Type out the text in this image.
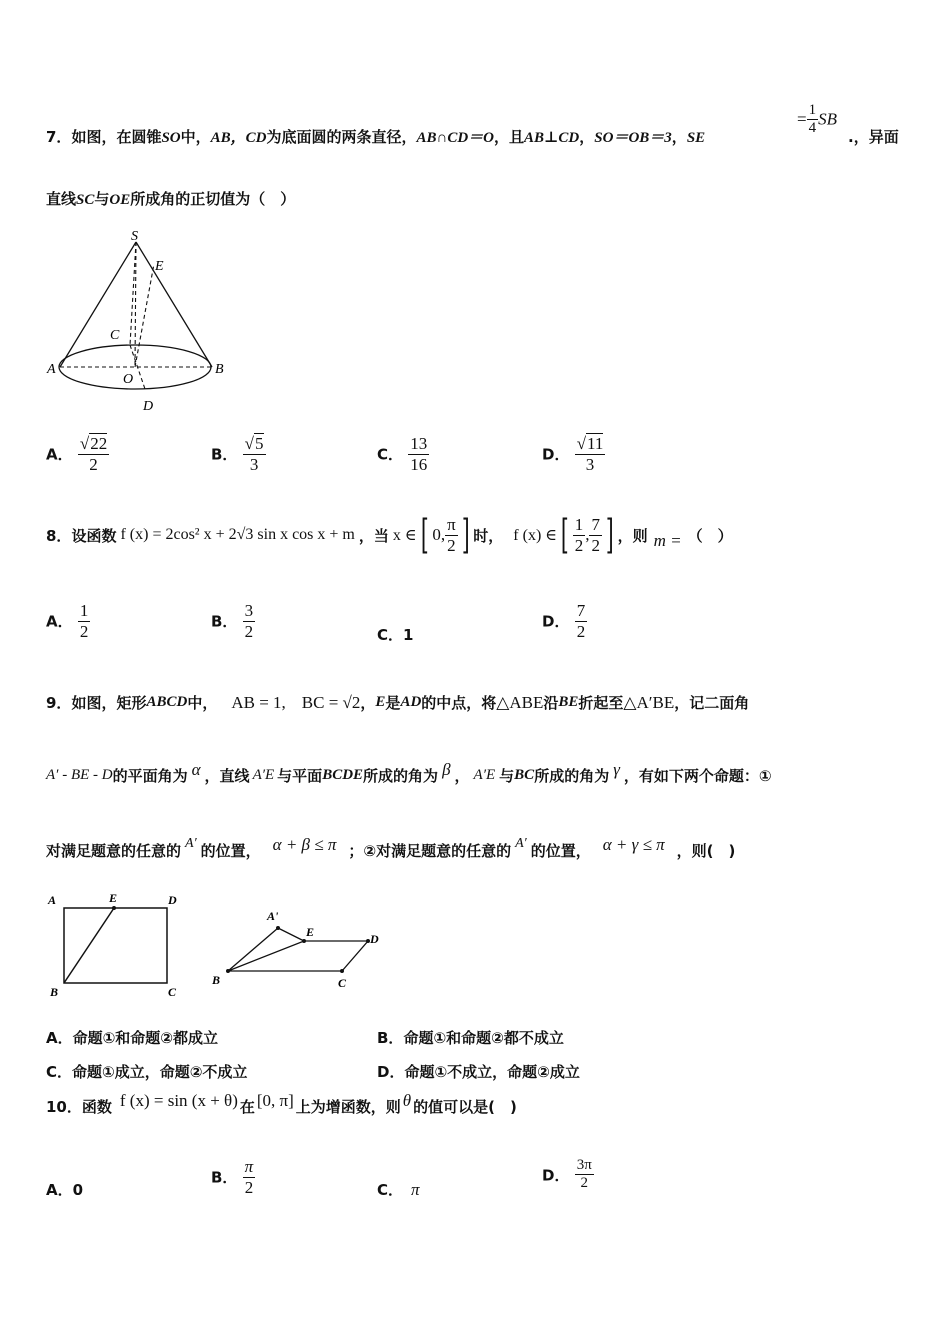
7．如图，在圆锥SO中，AB，CD为底面圆的两条直径，AB∩CD＝O，且AB⊥CD，SO＝OB＝3，SE
= $\frac{1}{4}$ SB
.，异面
直线SC与OE所成角的正切值为（　）
S
E
C
A
O
B
D
A． $\frac{√22}{2}$	B． $\frac{√5}{3}$	C． $\frac{13}{16}$	D． $\frac{√11}{3}$
8． 设函数 f (x) = 2cos² x + 2√3 sin x cos x + m ，当 x ∈ [ 0, $\frac{\pi}{2}$ ] 时， f (x) ∈ [ $\frac{1}{2}$ , $\frac{7}{2}$ ] ，则 m = （　）
A． $\frac{1}{2}$	B． $\frac{3}{2}$	C．1
D． $\frac{7}{2}$
9． 如图，矩形 ABCD 中， AB = 1, BC = √2 ， E 是 AD 的中点，将 △ABE 沿 BE 折起至 △A′BE ，记二面角
A′ - BE - D 的平面角为 α ，直线 A′E 与平面 BCDE 所成的角为 β ， A′E 与 BC 所成的角为 γ ，有如下两个命题：①
对满足题意的任意的 A′ 的位置， α + β ≤ π ；②对满足题意的任意的 A′ 的位置， α + γ ≤ π ，则(　)
A	E	D
B	C
A'
E	D
B	C
A．命题①和命题②都成立	B．命题①和命题②都不成立
C．命题①成立，命题②不成立	D．命题①不成立，命题②成立
10． 函数 f (x) = sin (x + θ) 在 [0, π] 上为增函数，则 θ 的值可以是(　)
A．0
B． $\frac{\pi}{2}$	C． π
D． $\frac{3\pi}{2}$
